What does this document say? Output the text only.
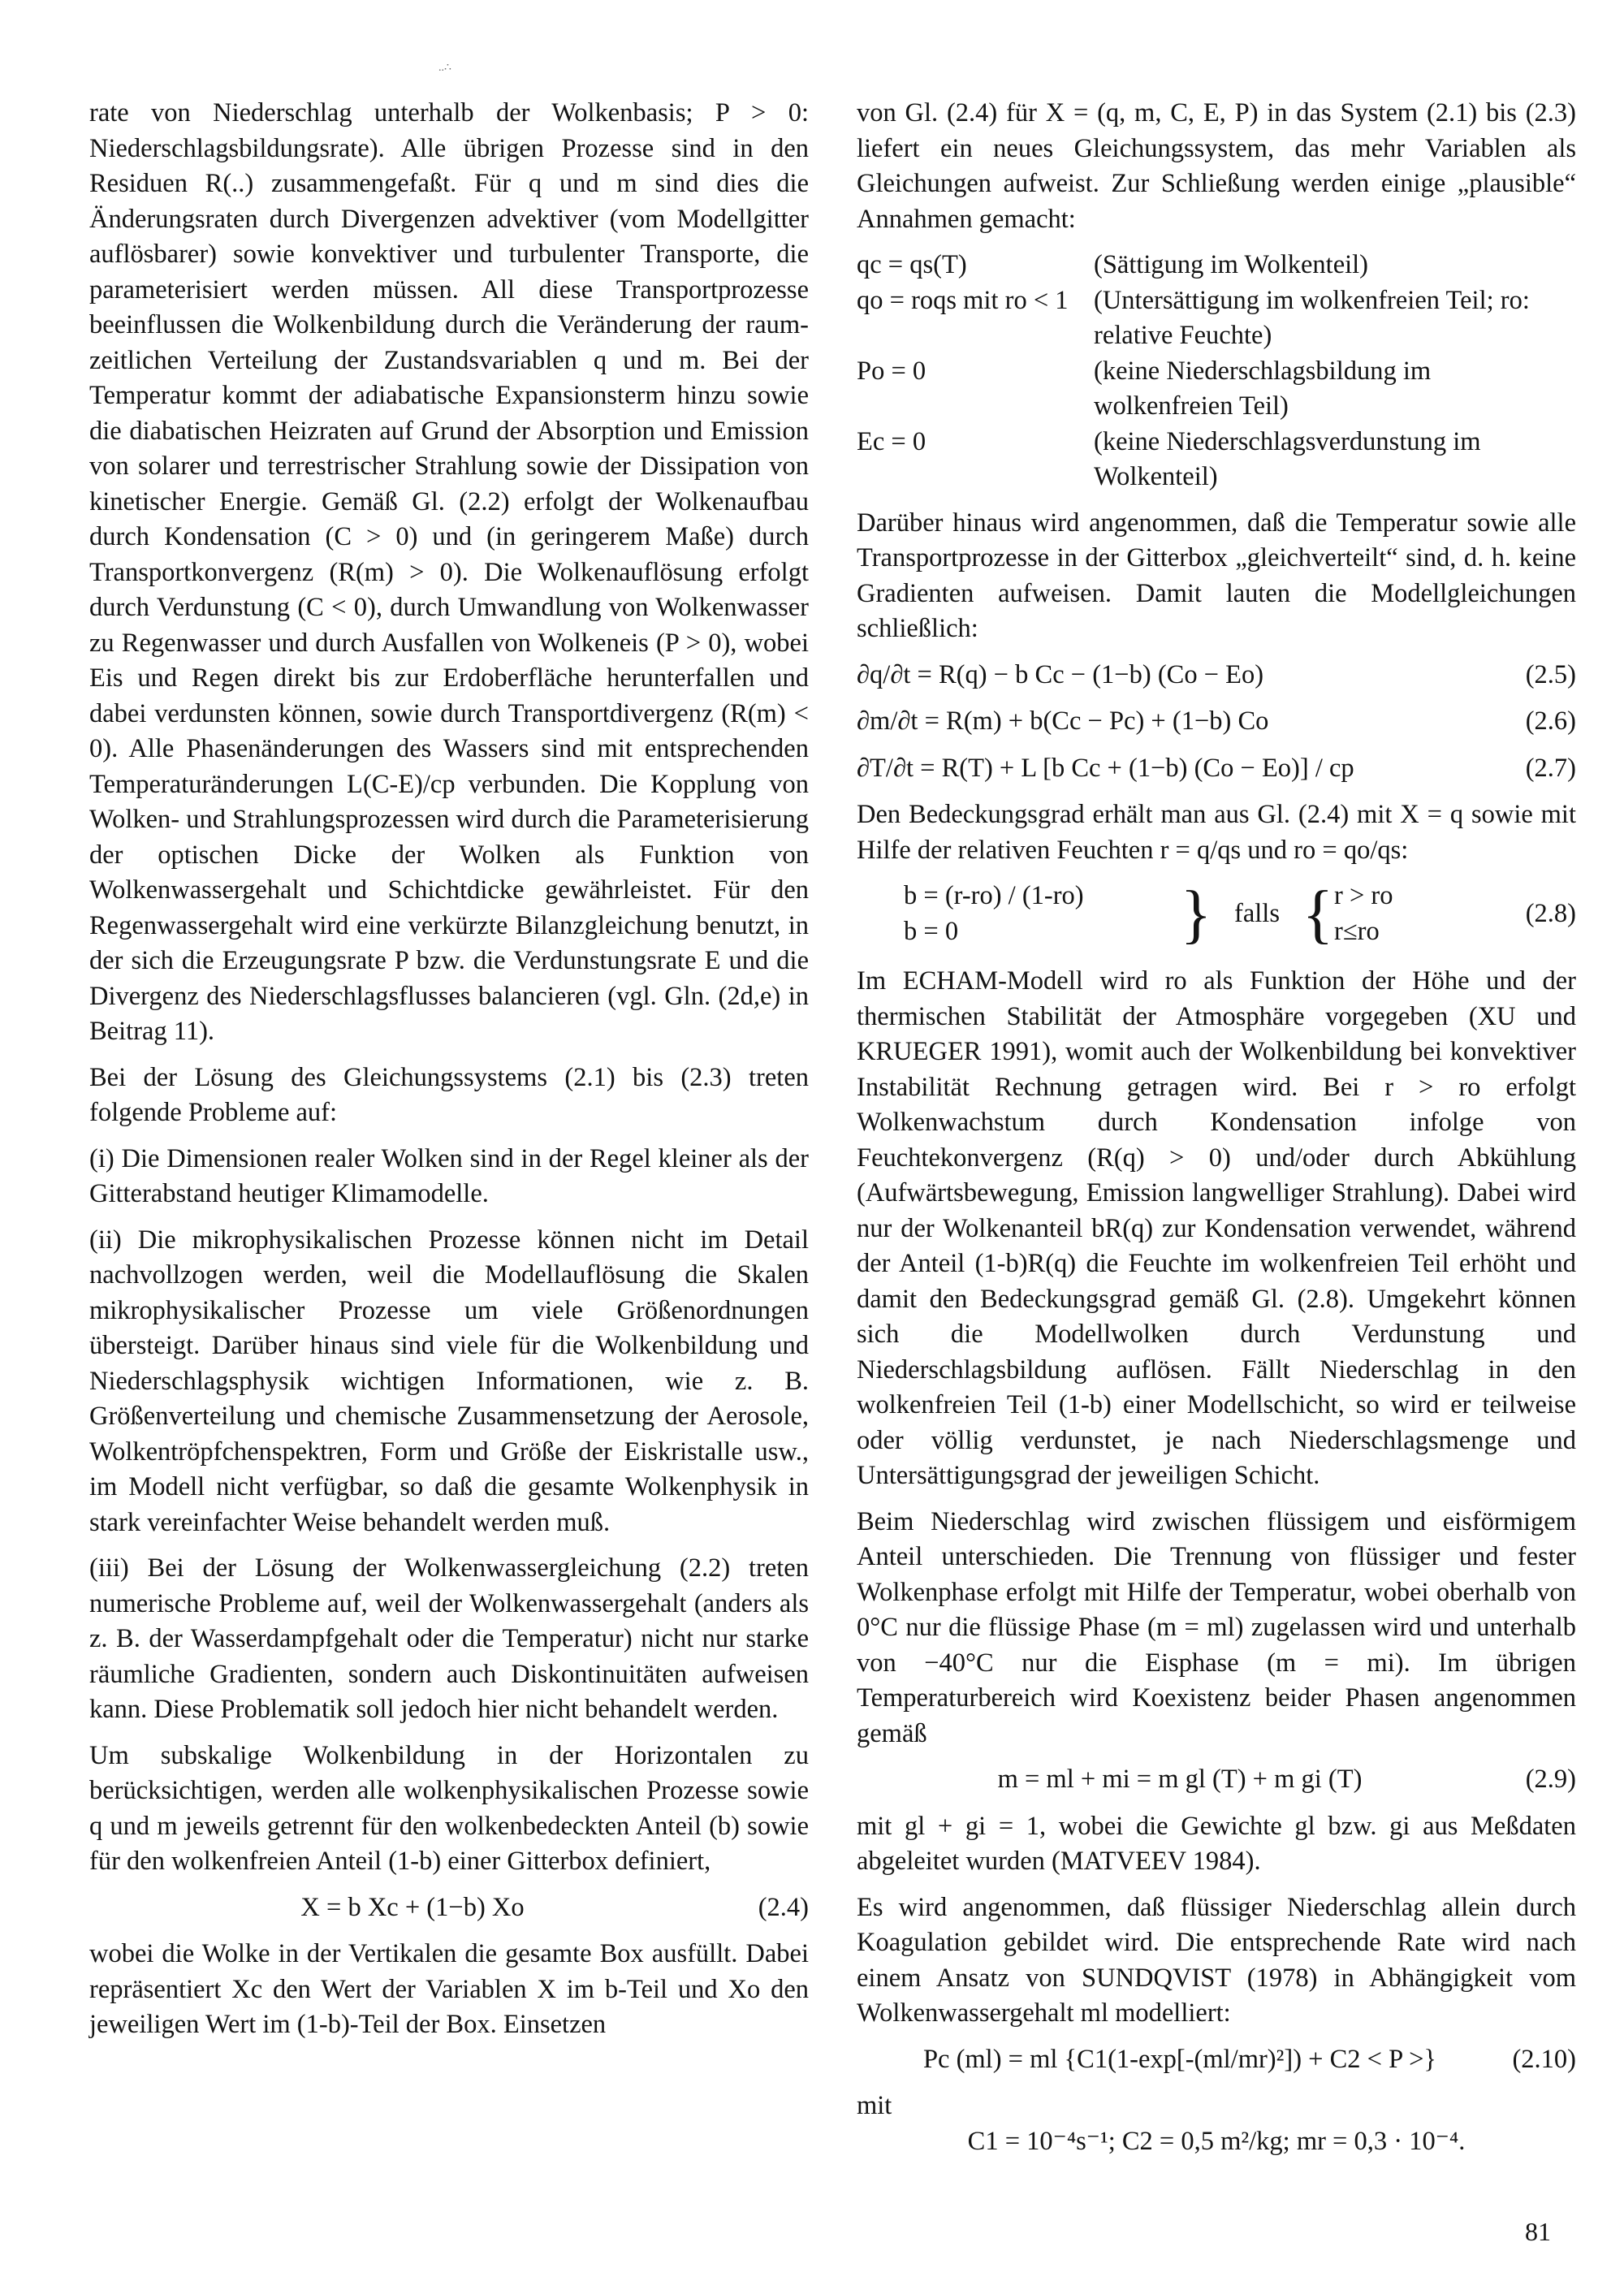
..∴

rate von Niederschlag unterhalb der Wolkenbasis; P > 0: Niederschlagsbildungsrate). Alle übrigen Prozesse sind in den Residuen R(..) zusammengefaßt. Für q und m sind dies die Änderungsraten durch Divergenzen advektiver (vom Modellgitter auflösbarer) sowie konvektiver und turbulenter Transporte, die parameterisiert werden müssen. All diese Transportprozesse beeinflussen die Wolkenbildung durch die Veränderung der raum-zeitlichen Verteilung der Zustandsvariablen q und m. Bei der Temperatur kommt der adiabatische Expansionsterm hinzu sowie die diabatischen Heizraten auf Grund der Absorption und Emission von solarer und terrestrischer Strahlung sowie der Dissipation von kinetischer Energie. Gemäß Gl. (2.2) erfolgt der Wolkenaufbau durch Kondensation (C > 0) und (in geringerem Maße) durch Transportkonvergenz (R(m) > 0). Die Wolkenauflösung erfolgt durch Verdunstung (C < 0), durch Umwandlung von Wolkenwasser zu Regenwasser und durch Ausfallen von Wolkeneis (P > 0), wobei Eis und Regen direkt bis zur Erdoberfläche herunterfallen und dabei verdunsten können, sowie durch Transportdivergenz (R(m) < 0). Alle Phasenänderungen des Wassers sind mit entsprechenden Temperaturänderungen L(C-E)/cp verbunden. Die Kopplung von Wolken- und Strahlungsprozessen wird durch die Parameterisierung der optischen Dicke der Wolken als Funktion von Wolkenwassergehalt und Schichtdicke gewährleistet. Für den Regenwassergehalt wird eine verkürzte Bilanzgleichung benutzt, in der sich die Erzeugungsrate P bzw. die Verdunstungsrate E und die Divergenz des Niederschlagsflusses balancieren (vgl. Gln. (2d,e) in Beitrag 11).

Bei der Lösung des Gleichungssystems (2.1) bis (2.3) treten folgende Probleme auf:

(i) Die Dimensionen realer Wolken sind in der Regel kleiner als der Gitterabstand heutiger Klimamodelle.

(ii) Die mikrophysikalischen Prozesse können nicht im Detail nachvollzogen werden, weil die Modellauflösung die Skalen mikrophysikalischer Prozesse um viele Größenordnungen übersteigt. Darüber hinaus sind viele für die Wolkenbildung und Niederschlagsphysik wichtigen Informationen, wie z. B. Größenverteilung und chemische Zusammensetzung der Aerosole, Wolkentröpfchenspektren, Form und Größe der Eiskristalle usw., im Modell nicht verfügbar, so daß die gesamte Wolkenphysik in stark vereinfachter Weise behandelt werden muß.

(iii) Bei der Lösung der Wolkenwassergleichung (2.2) treten numerische Probleme auf, weil der Wolkenwassergehalt (anders als z. B. der Wasserdampfgehalt oder die Temperatur) nicht nur starke räumliche Gradienten, sondern auch Diskontinuitäten aufweisen kann. Diese Problematik soll jedoch hier nicht behandelt werden.

Um subskalige Wolkenbildung in der Horizontalen zu berücksichtigen, werden alle wolkenphysikalischen Prozesse sowie q und m jeweils getrennt für den wolkenbedeckten Anteil (b) sowie für den wolkenfreien Anteil (1-b) einer Gitterbox definiert,

X = b Xc + (1−b) Xo	(2.4)

wobei die Wolke in der Vertikalen die gesamte Box ausfüllt. Dabei repräsentiert Xc den Wert der Variablen X im b-Teil und Xo den jeweiligen Wert im (1-b)-Teil der Box. Einsetzen

von Gl. (2.4) für X = (q, m, C, E, P) in das System (2.1) bis (2.3) liefert ein neues Gleichungssystem, das mehr Variablen als Gleichungen aufweist. Zur Schließung werden einige „plausible“ Annahmen gemacht:

qc = qs(T)	(Sättigung im Wolkenteil)
qo = roqs mit ro < 1 (Untersättigung im wolkenfreien Teil; ro: relative Feuchte)
Po = 0	(keine Niederschlagsbildung im wolkenfreien Teil)
Ec = 0	(keine Niederschlagsverdunstung im Wolkenteil)

Darüber hinaus wird angenommen, daß die Temperatur sowie alle Transportprozesse in der Gitterbox „gleichverteilt“ sind, d. h. keine Gradienten aufweisen. Damit lauten die Modellgleichungen schließlich:

∂q/∂t = R(q) − b Cc − (1−b) (Co − Eo)	(2.5)
∂m/∂t = R(m) + b(Cc − Pc) + (1−b) Co	(2.6)
∂T/∂t = R(T) + L [b Cc + (1−b) (Co − Eo)] / cp	(2.7)

Den Bedeckungsgrad erhält man aus Gl. (2.4) mit X = q sowie mit Hilfe der relativen Feuchten r = q/qs und ro = qo/qs:

b = (r-ro) / (1-ro)
b = 0	} falls { r > ro
r≤ro
(2.8)

Im ECHAM-Modell wird ro als Funktion der Höhe und der thermischen Stabilität der Atmosphäre vorgegeben (XU und KRUEGER 1991), womit auch der Wolkenbildung bei konvektiver Instabilität Rechnung getragen wird. Bei r > ro erfolgt Wolkenwachstum durch Kondensation infolge von Feuchtekonvergenz (R(q) > 0) und/oder durch Abkühlung (Aufwärtsbewegung, Emission langwelliger Strahlung). Dabei wird nur der Wolkenanteil bR(q) zur Kondensation verwendet, während der Anteil (1-b)R(q) die Feuchte im wolkenfreien Teil erhöht und damit den Bedeckungsgrad gemäß Gl. (2.8). Umgekehrt können sich die Modellwolken durch Verdunstung und Niederschlagsbildung auflösen. Fällt Niederschlag in den wolkenfreien Teil (1-b) einer Modellschicht, so wird er teilweise oder völlig verdunstet, je nach Niederschlagsmenge und Untersättigungsgrad der jeweiligen Schicht.

Beim Niederschlag wird zwischen flüssigem und eisförmigem Anteil unterschieden. Die Trennung von flüssiger und fester Wolkenphase erfolgt mit Hilfe der Temperatur, wobei oberhalb von 0°C nur die flüssige Phase (m = ml) zugelassen wird und unterhalb von −40°C nur die Eisphase (m = mi). Im übrigen Temperaturbereich wird Koexistenz beider Phasen angenommen gemäß

m = ml + mi = m gl (T) + m gi (T)	(2.9)

mit gl + gi = 1, wobei die Gewichte gl bzw. gi aus Meßdaten abgeleitet wurden (MATVEEV 1984).

Es wird angenommen, daß flüssiger Niederschlag allein durch Koagulation gebildet wird. Die entsprechende Rate wird nach einem Ansatz von SUNDQVIST (1978) in Abhängigkeit vom Wolkenwassergehalt ml modelliert:

Pc (ml) = ml {C1(1-exp[-(ml/mr)²]) + C2 < P >}	(2.10)

mit

C1 = 10⁻⁴s⁻¹; C2 = 0,5 m²/kg; mr = 0,3 · 10⁻⁴.
81
